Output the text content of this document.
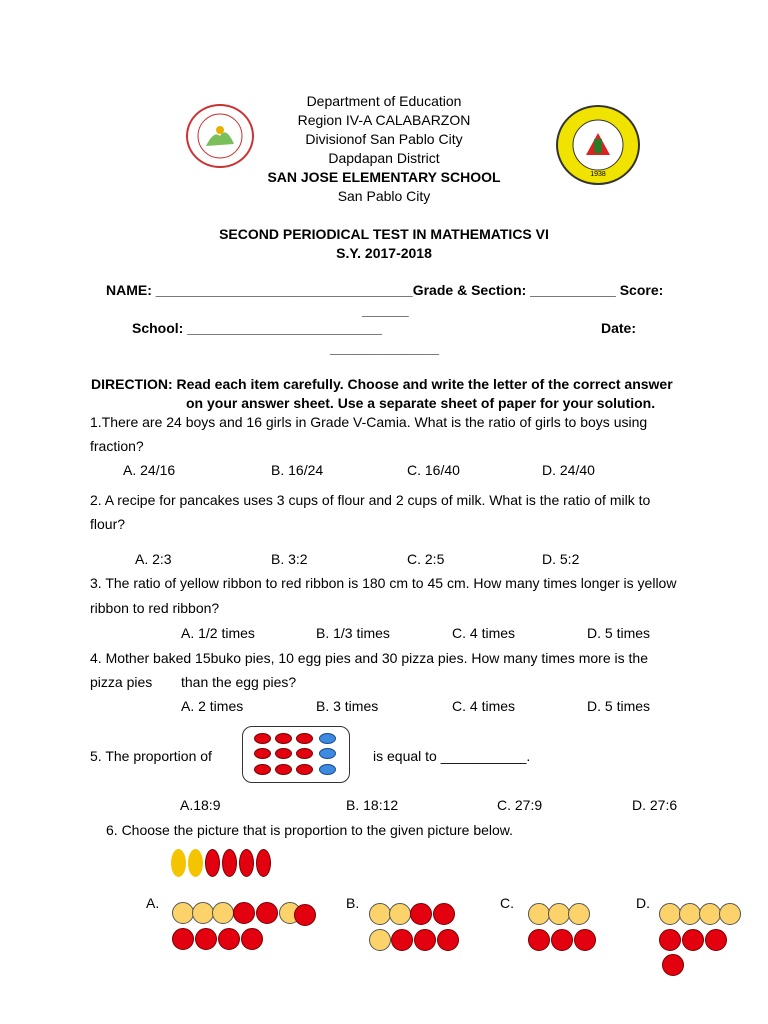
1938
Department of Education
Region IV-A CALABARZON
Divisionof San Pablo City
Dapdapan District
SAN JOSE ELEMENTARY SCHOOL
San Pablo City
SECOND PERIODICAL TEST IN MATHEMATICS VI
S.Y. 2017-2018
NAME: _________________________________Grade & Section: ___________ Score:
______
School: _________________________	Date:
______________
DIRECTION: Read each item carefully. Choose and write the letter of the correct answer
on your answer sheet. Use a separate sheet of paper for your solution.
1.There are 24 boys and 16 girls in Grade V-Camia. What is the ratio of girls to boys using
fraction?
A. 24/16	B. 16/24	C. 16/40	D. 24/40
2. A recipe for pancakes uses 3 cups of flour and 2 cups of milk. What is the ratio of milk to
flour?
A. 2:3	B. 3:2	C. 2:5	D. 5:2
3. The ratio of yellow ribbon to red ribbon is 180 cm to 45 cm. How many times longer is yellow
ribbon to red ribbon?
A. 1/2 times	B. 1/3 times	C. 4 times	D. 5 times
4. Mother baked 15buko pies, 10 egg pies and 30 pizza pies. How many times more is the
pizza pies than the egg pies?
A. 2 times	B. 3 times	C. 4 times	D. 5 times
5. The proportion of	is equal to ___________.
A.18:9	B. 18:12	C. 27:9	D. 27:6
6. Choose the picture that is proportion to the given picture below.
A.	B.	C.	D.
